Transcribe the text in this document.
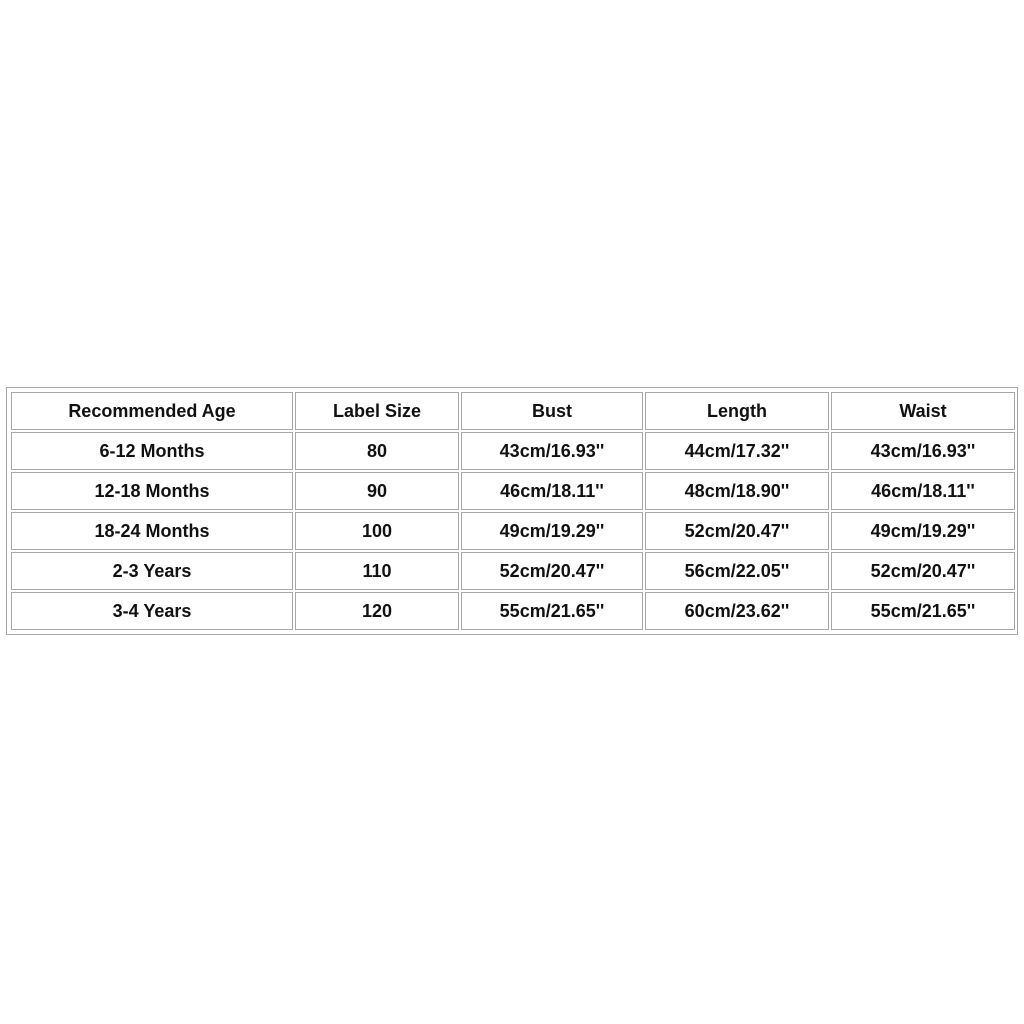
Recommended Age	Label Size	Bust	Length	Waist
6-12 Months	80	43cm/16.93''	44cm/17.32''	43cm/16.93''
12-18 Months	90	46cm/18.11''	48cm/18.90''	46cm/18.11''
18-24 Months	100	49cm/19.29''	52cm/20.47''	49cm/19.29''
2-3 Years	110	52cm/20.47''	56cm/22.05''	52cm/20.47''
3-4 Years	120	55cm/21.65''	60cm/23.62''	55cm/21.65''
